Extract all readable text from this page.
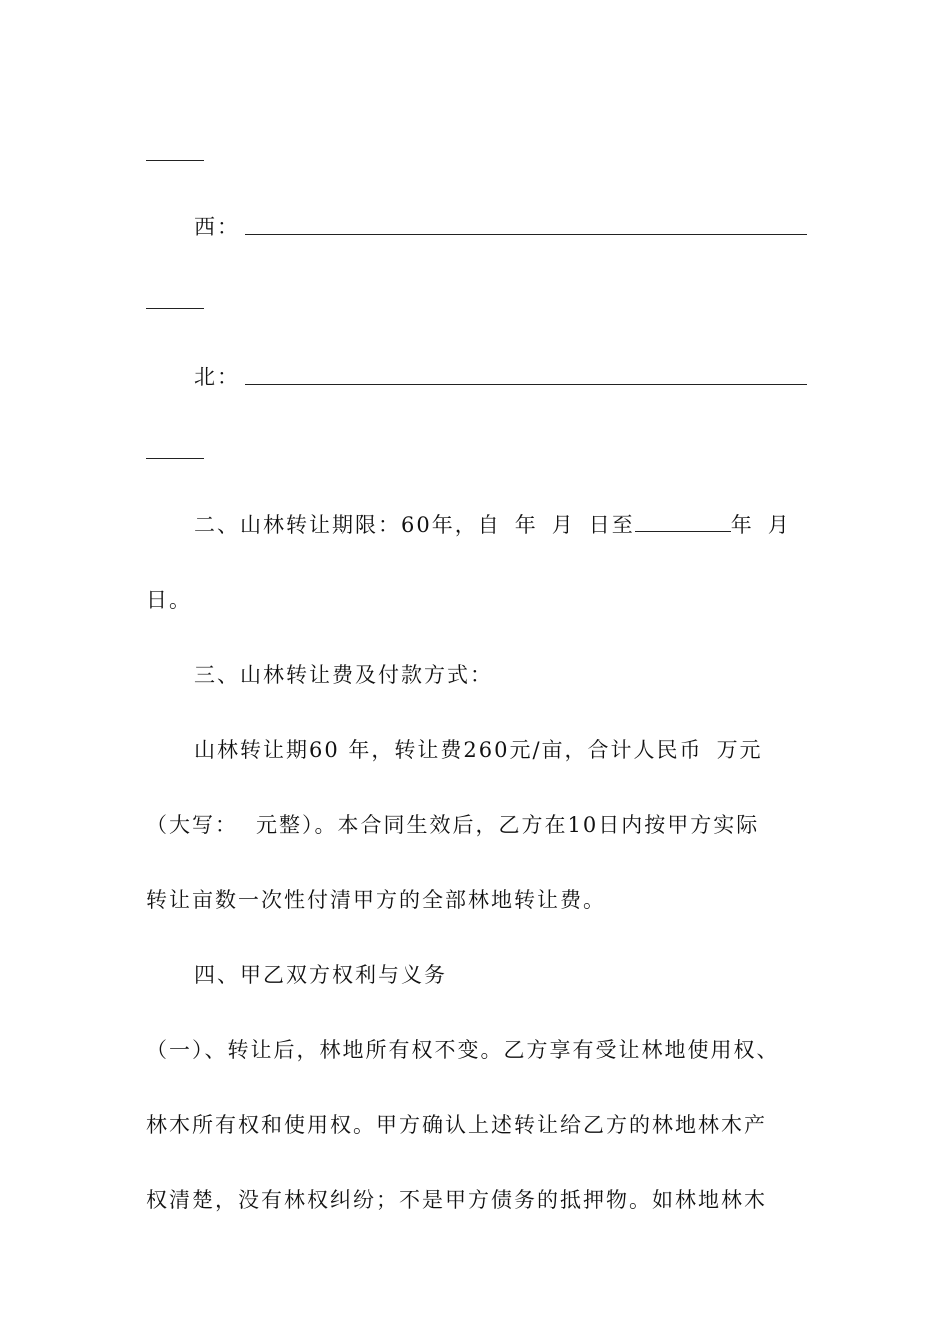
西：
北：
二、山林转让期限：60年，自 年 月 日至	年 月
日。
三、山林转让费及付款方式：
山林转让期60 年，转让费260元/亩，合计人民币 万元
（大写： 元整）。本合同生效后，乙方在10日内按甲方实际
转让亩数一次性付清甲方的全部林地转让费。
四、甲乙双方权利与义务
（一）、转让后，林地所有权不变。乙方享有受让林地使用权、
林木所有权和使用权。甲方确认上述转让给乙方的林地林木产
权清楚，没有林权纠纷；不是甲方债务的抵押物。如林地林木
